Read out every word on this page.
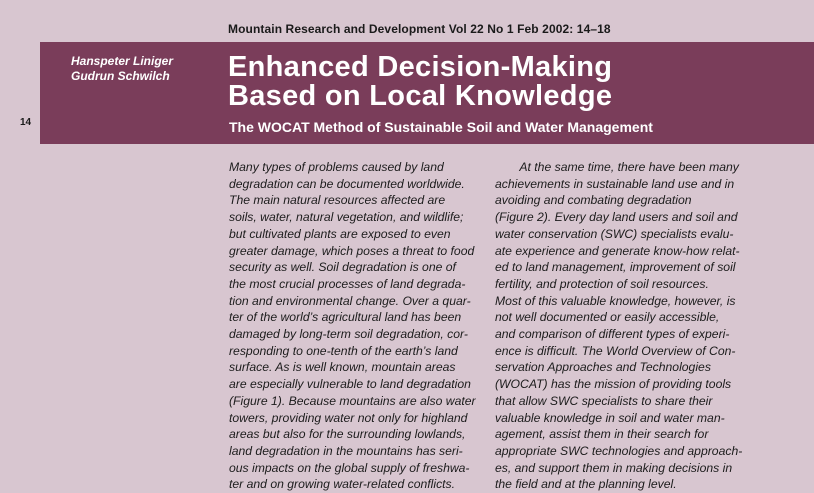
Mountain Research and Development Vol 22 No 1 Feb 2002: 14–18
Hanspeter Liniger
Gudrun Schwilch Enhanced Decision-Making
Based on Local Knowledge
The WOCAT Method of Sustainable Soil and Water Management
14
Many types of problems caused by land
degradation can be documented worldwide.
The main natural resources affected are
soils, water, natural vegetation, and wildlife;
but cultivated plants are exposed to even
greater damage, which poses a threat to food
security as well. Soil degradation is one of
the most crucial processes of land degrada-
tion and environmental change. Over a quar-
ter of the world’s agricultural land has been
damaged by long-term soil degradation, cor-
responding to one-tenth of the earth’s land
surface. As is well known, mountain areas
are especially vulnerable to land degradation
(Figure 1). Because mountains are also water
towers, providing water not only for highland
areas but also for the surrounding lowlands,
land degradation in the mountains has seri-
ous impacts on the global supply of freshwa-
ter and on growing water-related conflicts.
  At the same time, there have been many
achievements in sustainable land use and in
avoiding and combating degradation
(Figure 2). Every day land users and soil and
water conservation (SWC) specialists evalu-
ate experience and generate know-how relat-
ed to land management, improvement of soil
fertility, and protection of soil resources.
Most of this valuable knowledge, however, is
not well documented or easily accessible,
and comparison of different types of experi-
ence is difficult. The World Overview of Con-
servation Approaches and Technologies
(WOCAT) has the mission of providing tools
that allow SWC specialists to share their
valuable knowledge in soil and water man-
agement, assist them in their search for
appropriate SWC technologies and approach-
es, and support them in making decisions in
the field and at the planning level.
